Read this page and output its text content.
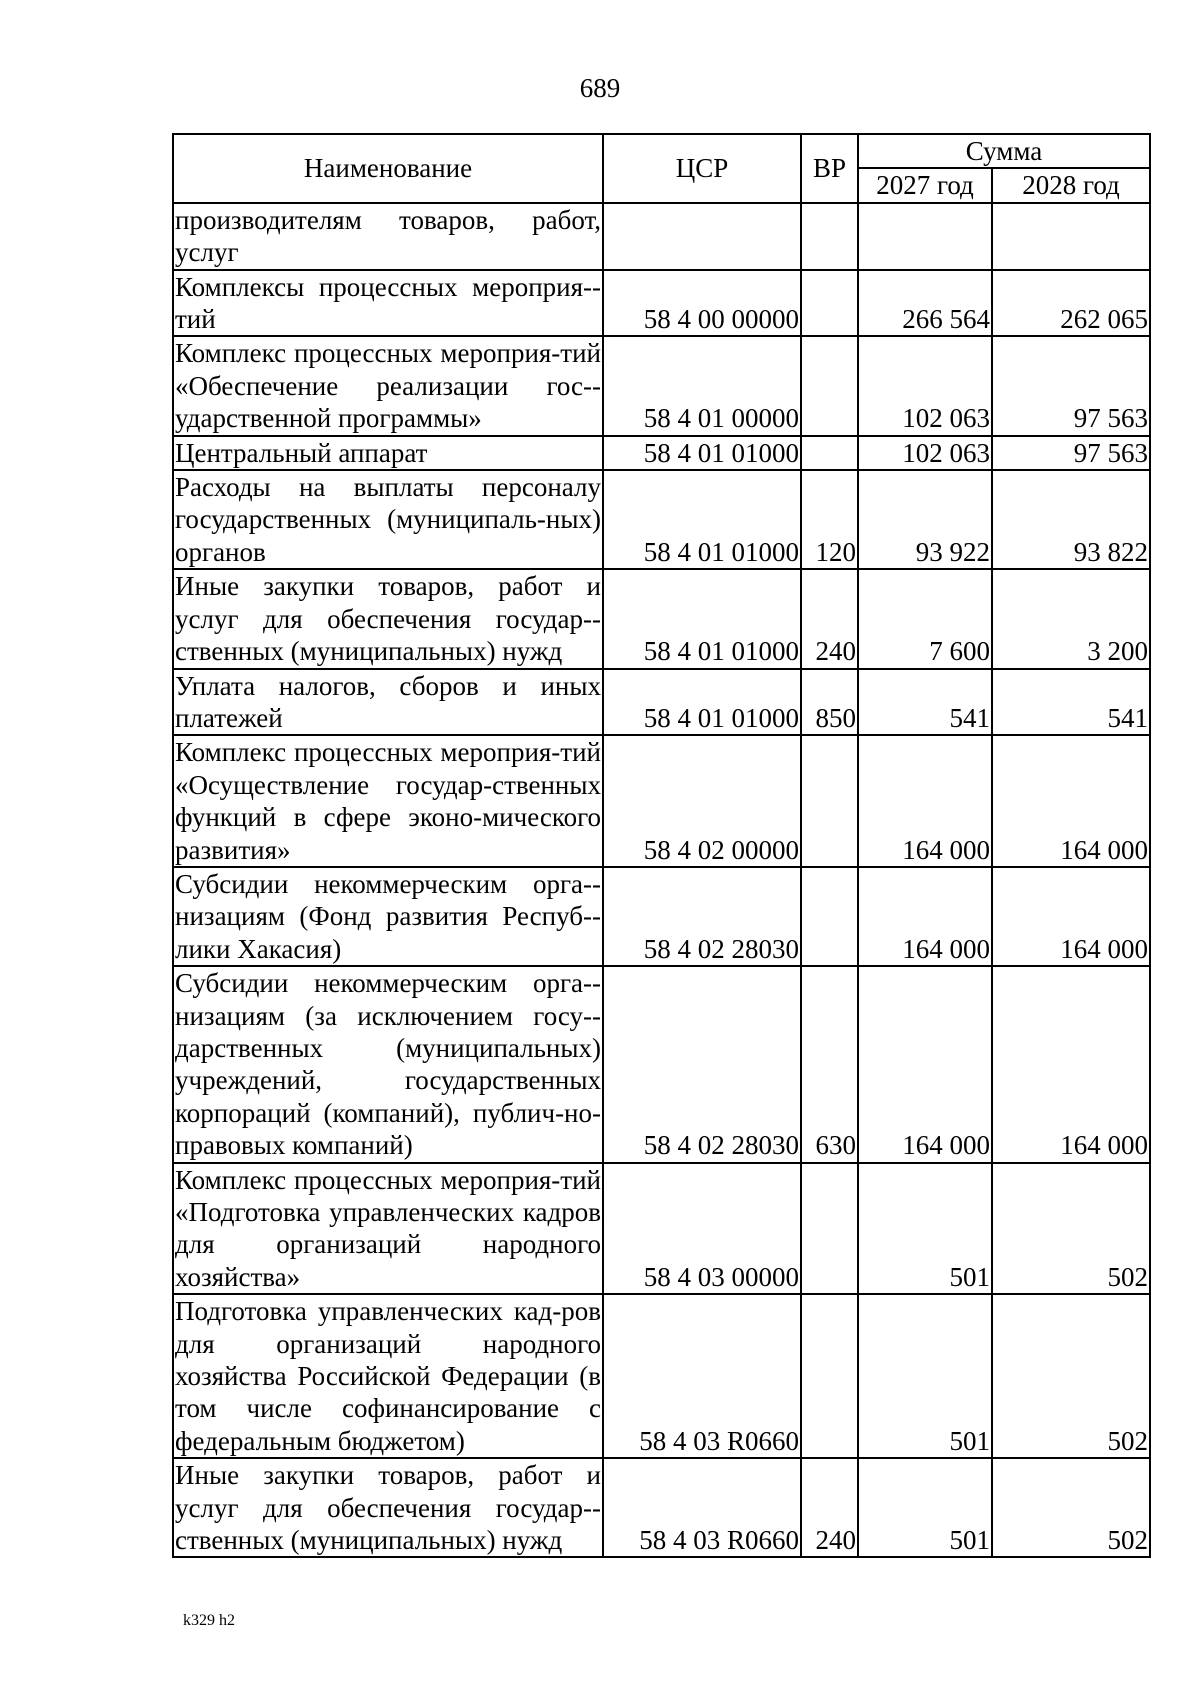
689
Наименование	ЦСР	ВР	Сумма	
			2027 год	2028 год
производителям товаров, работ, услуг				
Комплексы процессных мероприя-тий	58 4 00 00000		266 564	262 065
Комплекс процессных мероприя-тий «Обеспечение реализации гос-ударственной программы»	58 4 01 00000		102 063	97 563
Центральный аппарат	58 4 01 01000		102 063	97 563
Расходы на выплаты персоналу государственных (муниципаль-ных) органов	58 4 01 01000	120	93 922	93 822
Иные закупки товаров, работ и услуг для обеспечения государ-ственных (муниципальных) нужд	58 4 01 01000	240	7 600	3 200
Уплата налогов, сборов и иных платежей	58 4 01 01000	850	541	541
Комплекс процессных мероприя-тий «Осуществление государ-ственных функций в сфере эконо-мического развития»	58 4 02 00000		164 000	164 000
Субсидии некоммерческим орга-низациям (Фонд развития Респуб-лики Хакасия)	58 4 02 28030		164 000	164 000
Субсидии некоммерческим орга-низациям (за исключением госу-дарственных (муниципальных) учреждений, государственных корпораций (компаний), публич-но-правовых компаний)	58 4 02 28030	630	164 000	164 000
Комплекс процессных мероприя-тий «Подготовка управленческих кадров для организаций народного хозяйства»	58 4 03 00000		501	502
Подготовка управленческих кад-ров для организаций народного хозяйства Российской Федерации (в том числе софинансирование с федеральным бюджетом)	58 4 03 R0660		501	502
Иные закупки товаров, работ и услуг для обеспечения государ-ственных (муниципальных) нужд	58 4 03 R0660	240	501	502
k329 h2
